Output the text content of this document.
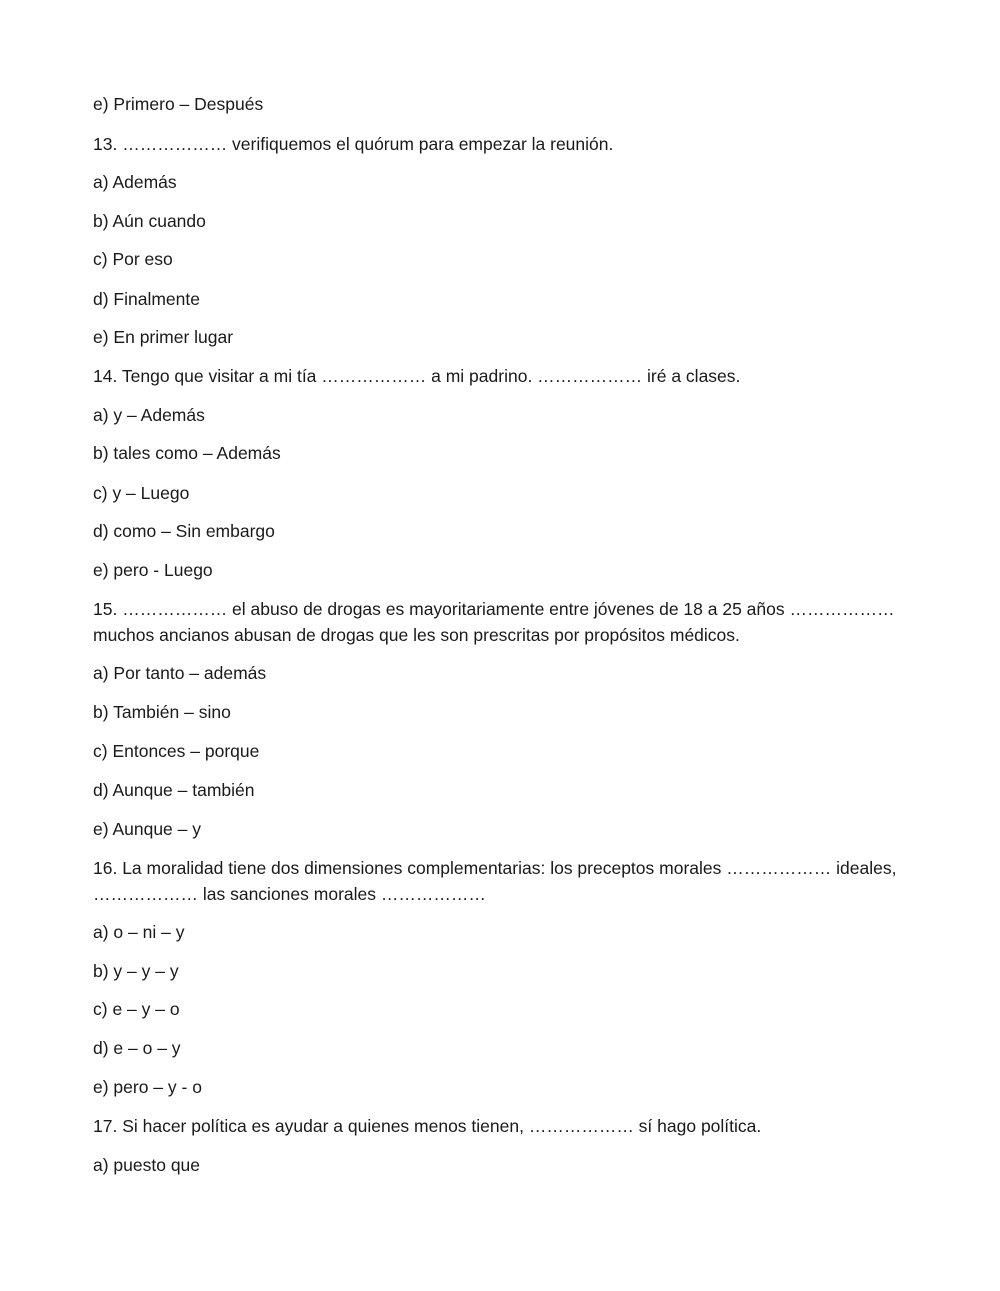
e) Primero – Después
13. ……………… verifiquemos el quórum para empezar la reunión.
a) Además
b) Aún cuando
c) Por eso
d) Finalmente
e) En primer lugar
14. Tengo que visitar a mi tía ……………… a mi padrino. ……………… iré a clases.
a) y – Además
b) tales como – Además
c) y – Luego
d) como – Sin embargo
e) pero - Luego
15. ……………… el abuso de drogas es mayoritariamente entre jóvenes de 18 a 25 años ……………… muchos ancianos abusan de drogas que les son prescritas por propósitos médicos.
a) Por tanto – además
b) También – sino
c) Entonces – porque
d) Aunque – también
e) Aunque – y
16. La moralidad tiene dos dimensiones complementarias: los preceptos morales ……………… ideales, ……………… las sanciones morales ………………
a) o – ni – y
b) y – y – y
c) e – y – o
d) e – o – y
e) pero – y - o
17. Si hacer política es ayudar a quienes menos tienen, ……………… sí hago política.
a) puesto que
